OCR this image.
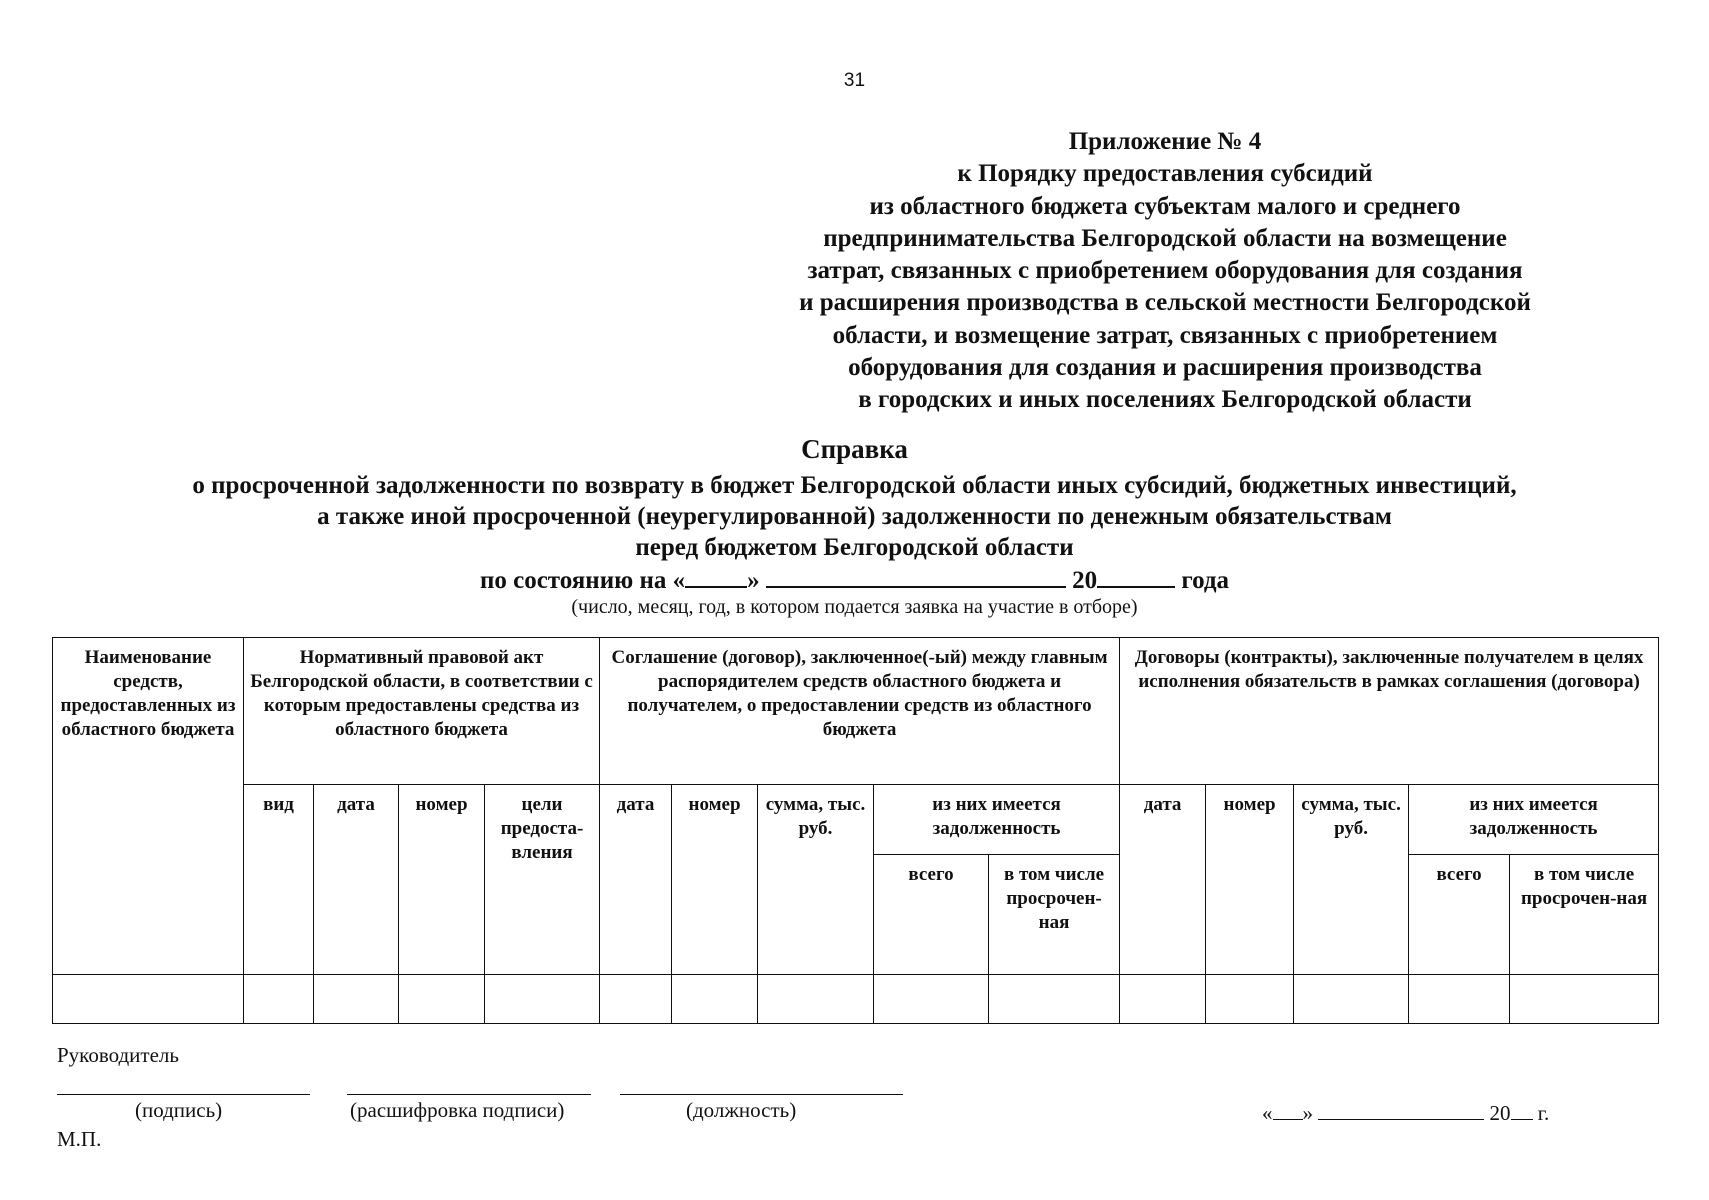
31
Приложение № 4
к Порядку предоставления субсидий
из областного бюджета субъектам малого и среднего
предпринимательства Белгородской области на возмещение
затрат, связанных с приобретением оборудования для создания
и расширения производства в сельской местности Белгородской
области, и возмещение затрат, связанных с приобретением
оборудования для создания и расширения производства
в городских и иных поселениях Белгородской области
Справка
о просроченной задолженности по возврату в бюджет Белгородской области иных субсидий, бюджетных инвестиций,
а также иной просроченной (неурегулированной) задолженности по денежным обязательствам
перед бюджетом Белгородской области
по состоянию на « »	20	года
(число, месяц, год, в котором подается заявка на участие в отборе)
Наименование средств, предоставленных из областного бюджета	Нормативный правовой акт Белгородской области, в соответствии с которым предоставлены средства из областного бюджета				Соглашение (договор), заключенное(-ый) между главным распорядителем средств областного бюджета и получателем, о предоставлении средств из областного бюджета					Договоры (контракты), заключенные получателем в целях исполнения обязательств в рамках соглашения (договора)				
	вид	дата	номер	цели предоста-вления	дата	номер	сумма, тыс. руб.	из них имеется задолженность		дата	номер	сумма, тыс. руб.	из них имеется задолженность	
								всего	в том числе просрочен-ная				всего	в том числе просрочен-ная

Руководитель
(подпись)	(расшифровка подписи)	(должность)
М.П.
« »	20 г.
